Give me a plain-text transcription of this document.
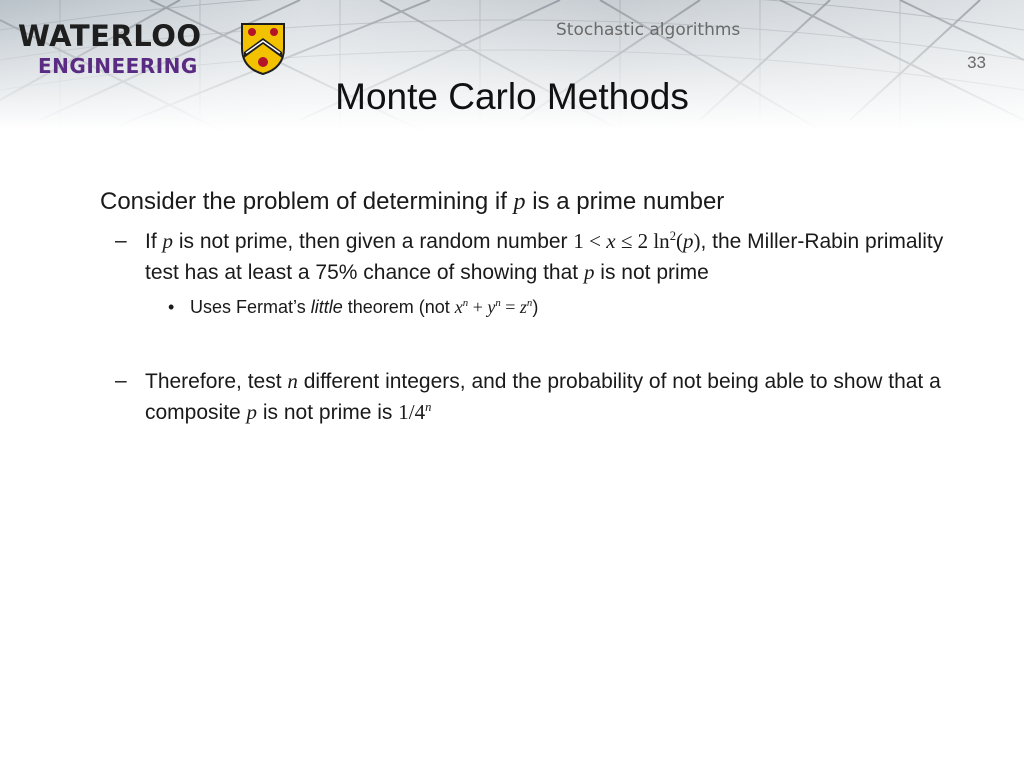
WATERLOO
ENGINEERING
Stochastic algorithms
33
Monte Carlo Methods
Consider the problem of determining if p is a prime number
– If p is not prime, then given a random number 1 < x ≤ 2 $\ln^2(p)$, the Miller-Rabin primality test has at least a 75% chance of showing that p is not prime
• Uses Fermat’s little theorem (not $x^n + y^n = z^n$)
– Therefore, test n different integers, and the probability of not being able to show that a composite p is not prime is 1/4$^n$
